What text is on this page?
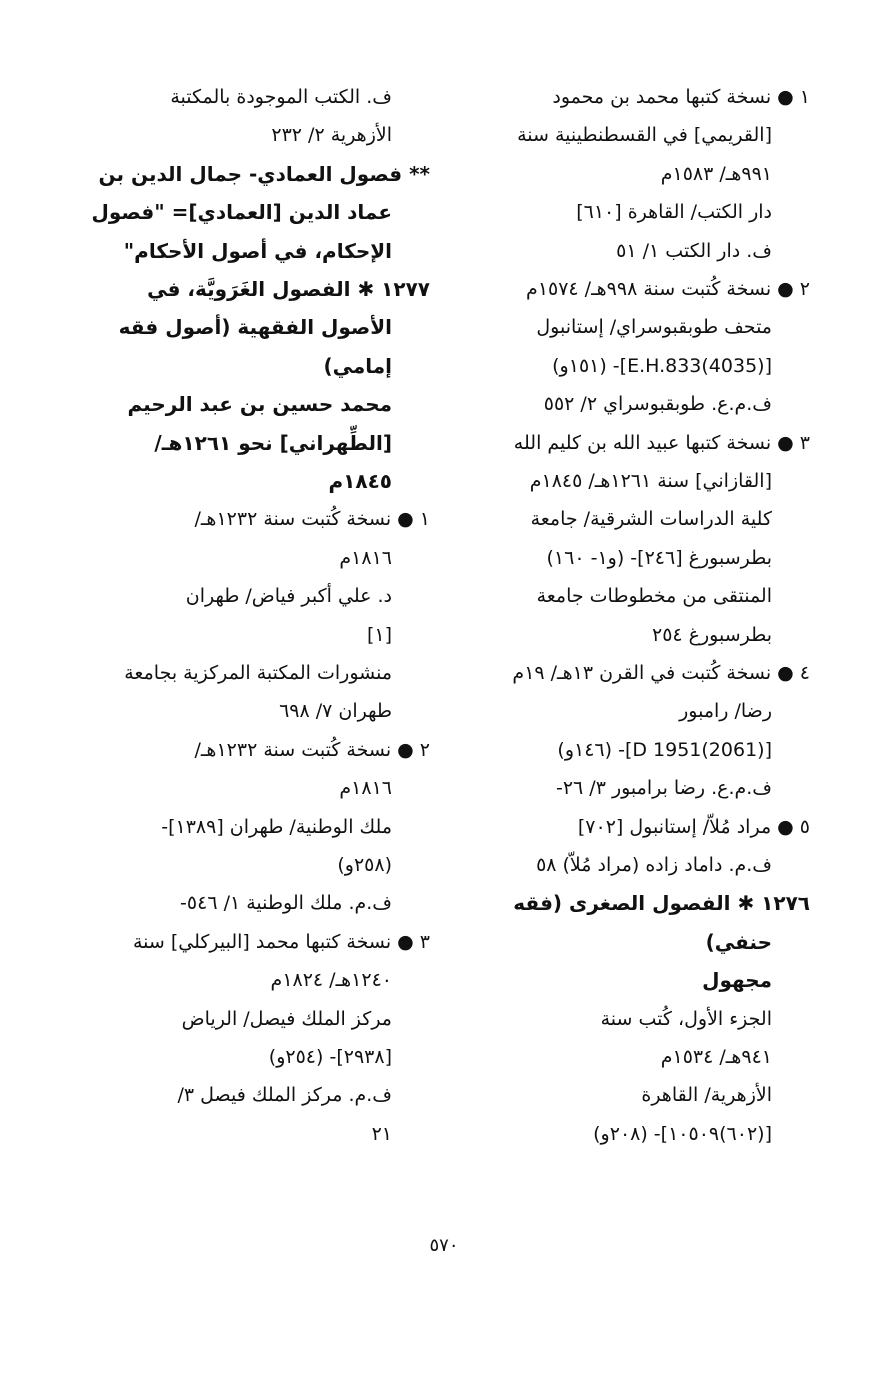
١ ● نسخة كتبها محمد بن محمود
[القريمي] في القسطنطينية سنة
٩٩١هـ/ ١٥٨٣م
دار الكتب/ القاهرة [٦١٠]
ف. دار الكتب ١/ ٥١
٢ ● نسخة كُتبت سنة ٩٩٨هـ/ ١٥٧٤م
متحف طوبقبوسراي/ إستانبول
[E.H.833(4035)]- (١٥١و)
ف.م.ع. طوبقبوسراي ٢/ ٥٥٢
٣ ● نسخة كتبها عبيد الله بن كليم الله
[القازاني] سنة ١٢٦١هـ/ ١٨٤٥م
كلية الدراسات الشرقية/ جامعة
بطرسبورغ [٢٤٦]- (و١- ١٦٠)
المنتقى من مخطوطات جامعة
بطرسبورغ ٢٥٤
٤ ● نسخة كُتبت في القرن ١٣هـ/ ١٩م
رضا/ رامبور
[D 1951(2061)]- (١٤٦و)
ف.م.ع. رضا برامبور ٣/ ٢٦-
٥ ● مراد مُلاّ/ إستانبول [٧٠٢]
ف.م. داماد زاده (مراد مُلاّ) ٥٨
١٢٧٦ ✱ الفصول الصغرى (فقه
حنفي)
مجهول
الجزء الأول، كُتب سنة
٩٤١هـ/ ١٥٣٤م
الأزهرية/ القاهرة
[(٦٠٢)١٠٥٠٩]- (٢٠٨و)
ف. الكتب الموجودة بالمكتبة
الأزهرية ٢/ ٢٣٢
** فصول العمادي- جمال الدين بن
عماد الدين [العمادي]= "فصول
الإحكام، في أصول الأحكام"
١٢٧٧ ✱ الفصول الغَرَويَّة، في
الأصول الفقهية (أصول فقه
إمامي)
محمد حسين بن عبد الرحيم
[الطِّهراني] نحو ١٢٦١هـ/
١٨٤٥م
١ ● نسخة كُتبت سنة ١٢٣٢هـ/
١٨١٦م
د. علي أكبر فياض/ طهران
[١]
منشورات المكتبة المركزية بجامعة
طهران ٧/ ٦٩٨
٢ ● نسخة كُتبت سنة ١٢٣٢هـ/
١٨١٦م
ملك الوطنية/ طهران [١٣٨٩]-
(٢٥٨و)
ف.م. ملك الوطنية ١/ ٥٤٦-
٣ ● نسخة كتبها محمد [البيركلي] سنة
١٢٤٠هـ/ ١٨٢٤م
مركز الملك فيصل/ الرياض
[٢٩٣٨]- (٢٥٤و)
ف.م. مركز الملك فيصل ٣/
٢١
٥٧٠
